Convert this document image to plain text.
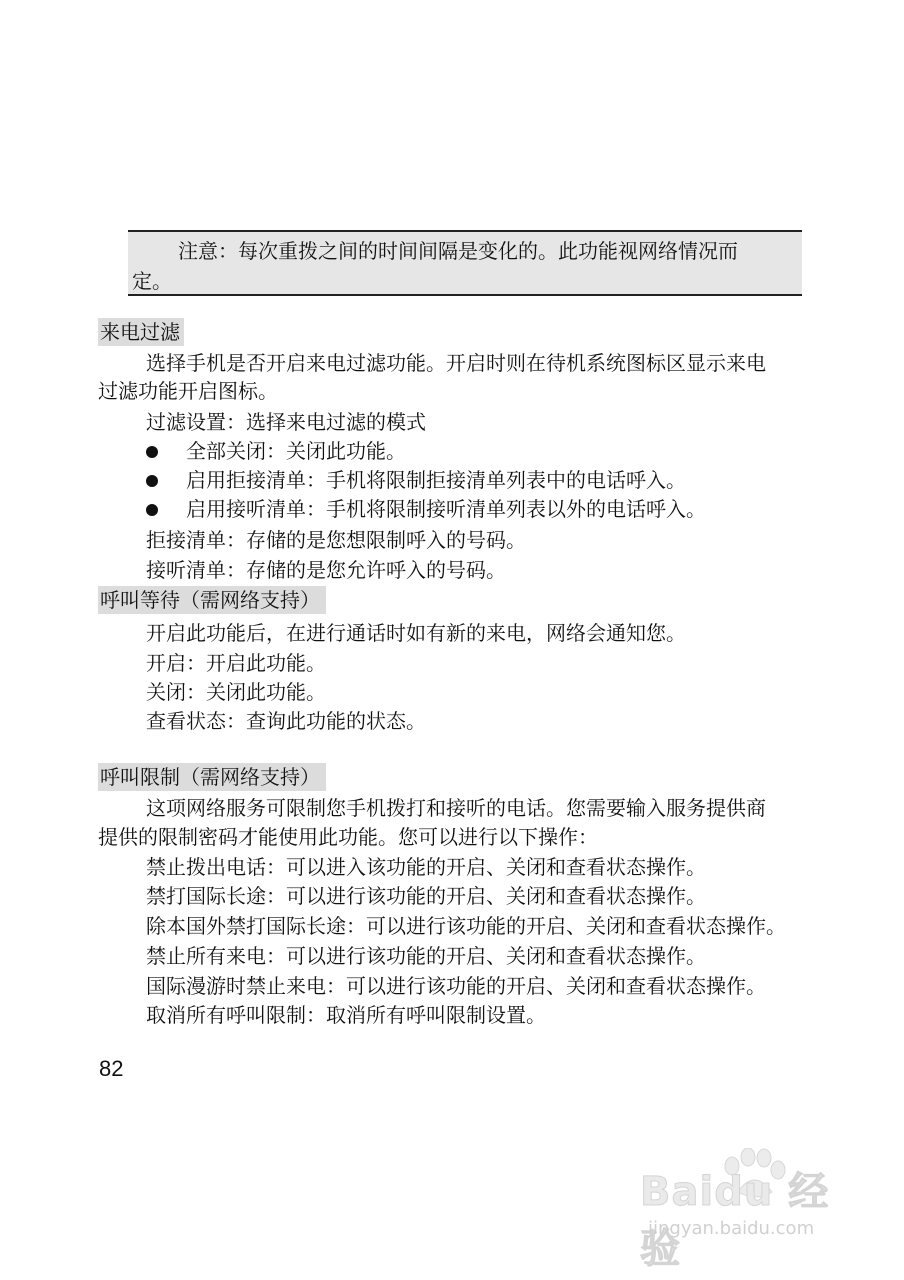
注意：每次重拨之间的时间间隔是变化的。此功能视网络情况而
定。
来电过滤
选择手机是否开启来电过滤功能。开启时则在待机系统图标区显示来电
过滤功能开启图标。
过滤设置：选择来电过滤的模式
全部关闭：关闭此功能。
启用拒接清单：手机将限制拒接清单列表中的电话呼入。
启用接听清单：手机将限制接听清单列表以外的电话呼入。
拒接清单：存储的是您想限制呼入的号码。
接听清单：存储的是您允许呼入的号码。
呼叫等待（需网络支持）
开启此功能后，在进行通话时如有新的来电，网络会通知您。
开启：开启此功能。
关闭：关闭此功能。
查看状态：查询此功能的状态。
呼叫限制（需网络支持）
这项网络服务可限制您手机拨打和接听的电话。您需要输入服务提供商
提供的限制密码才能使用此功能。您可以进行以下操作：
禁止拨出电话：可以进入该功能的开启、关闭和查看状态操作。
禁打国际长途：可以进行该功能的开启、关闭和查看状态操作。
除本国外禁打国际长途：可以进行该功能的开启、关闭和查看状态操作。
禁止所有来电：可以进行该功能的开启、关闭和查看状态操作。
国际漫游时禁止来电：可以进行该功能的开启、关闭和查看状态操作。
取消所有呼叫限制：取消所有呼叫限制设置。
82
Baidu 经验
jingyan.baidu.com
